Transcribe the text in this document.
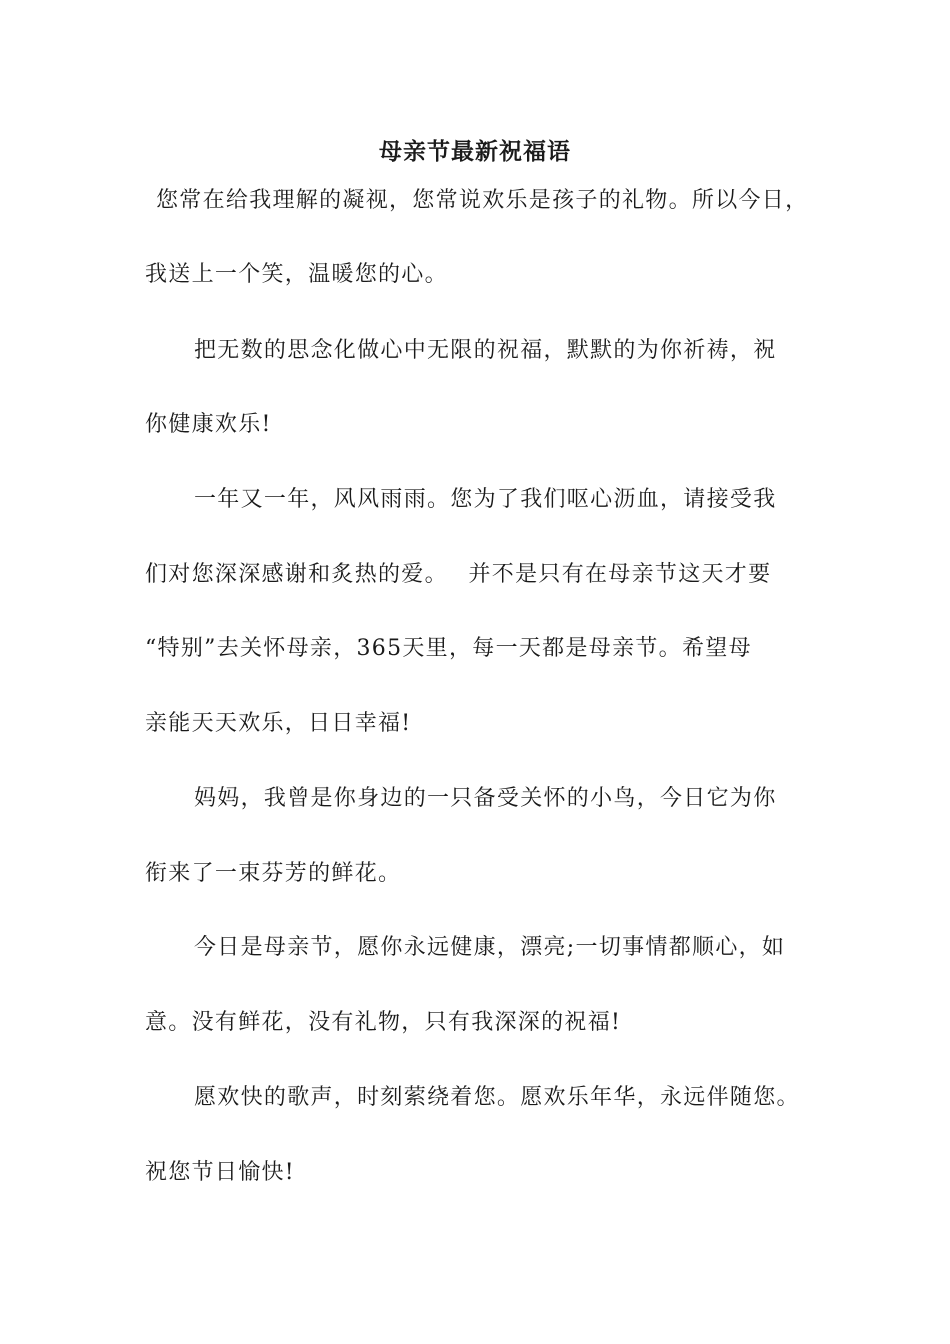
母亲节最新祝福语
您常在给我理解的凝视，您常说欢乐是孩子的礼物。所以今日，
我送上一个笑，温暖您的心。
把无数的思念化做心中无限的祝福，默默的为你祈祷，祝
你健康欢乐!
一年又一年，风风雨雨。您为了我们呕心沥血，请接受我
们对您深深感谢和炙热的爱。　 并不是只有在母亲节这天才要
“特别”去关怀母亲，365天里，每一天都是母亲节。希望母
亲能天天欢乐，日日幸福!
妈妈，我曾是你身边的一只备受关怀的小鸟，今日它为你
衔来了一束芬芳的鲜花。
今日是母亲节，愿你永远健康，漂亮;一切事情都顺心，如
意。没有鲜花，没有礼物，只有我深深的祝福!
愿欢快的歌声，时刻萦绕着您。愿欢乐年华，永远伴随您。
祝您节日愉快!
